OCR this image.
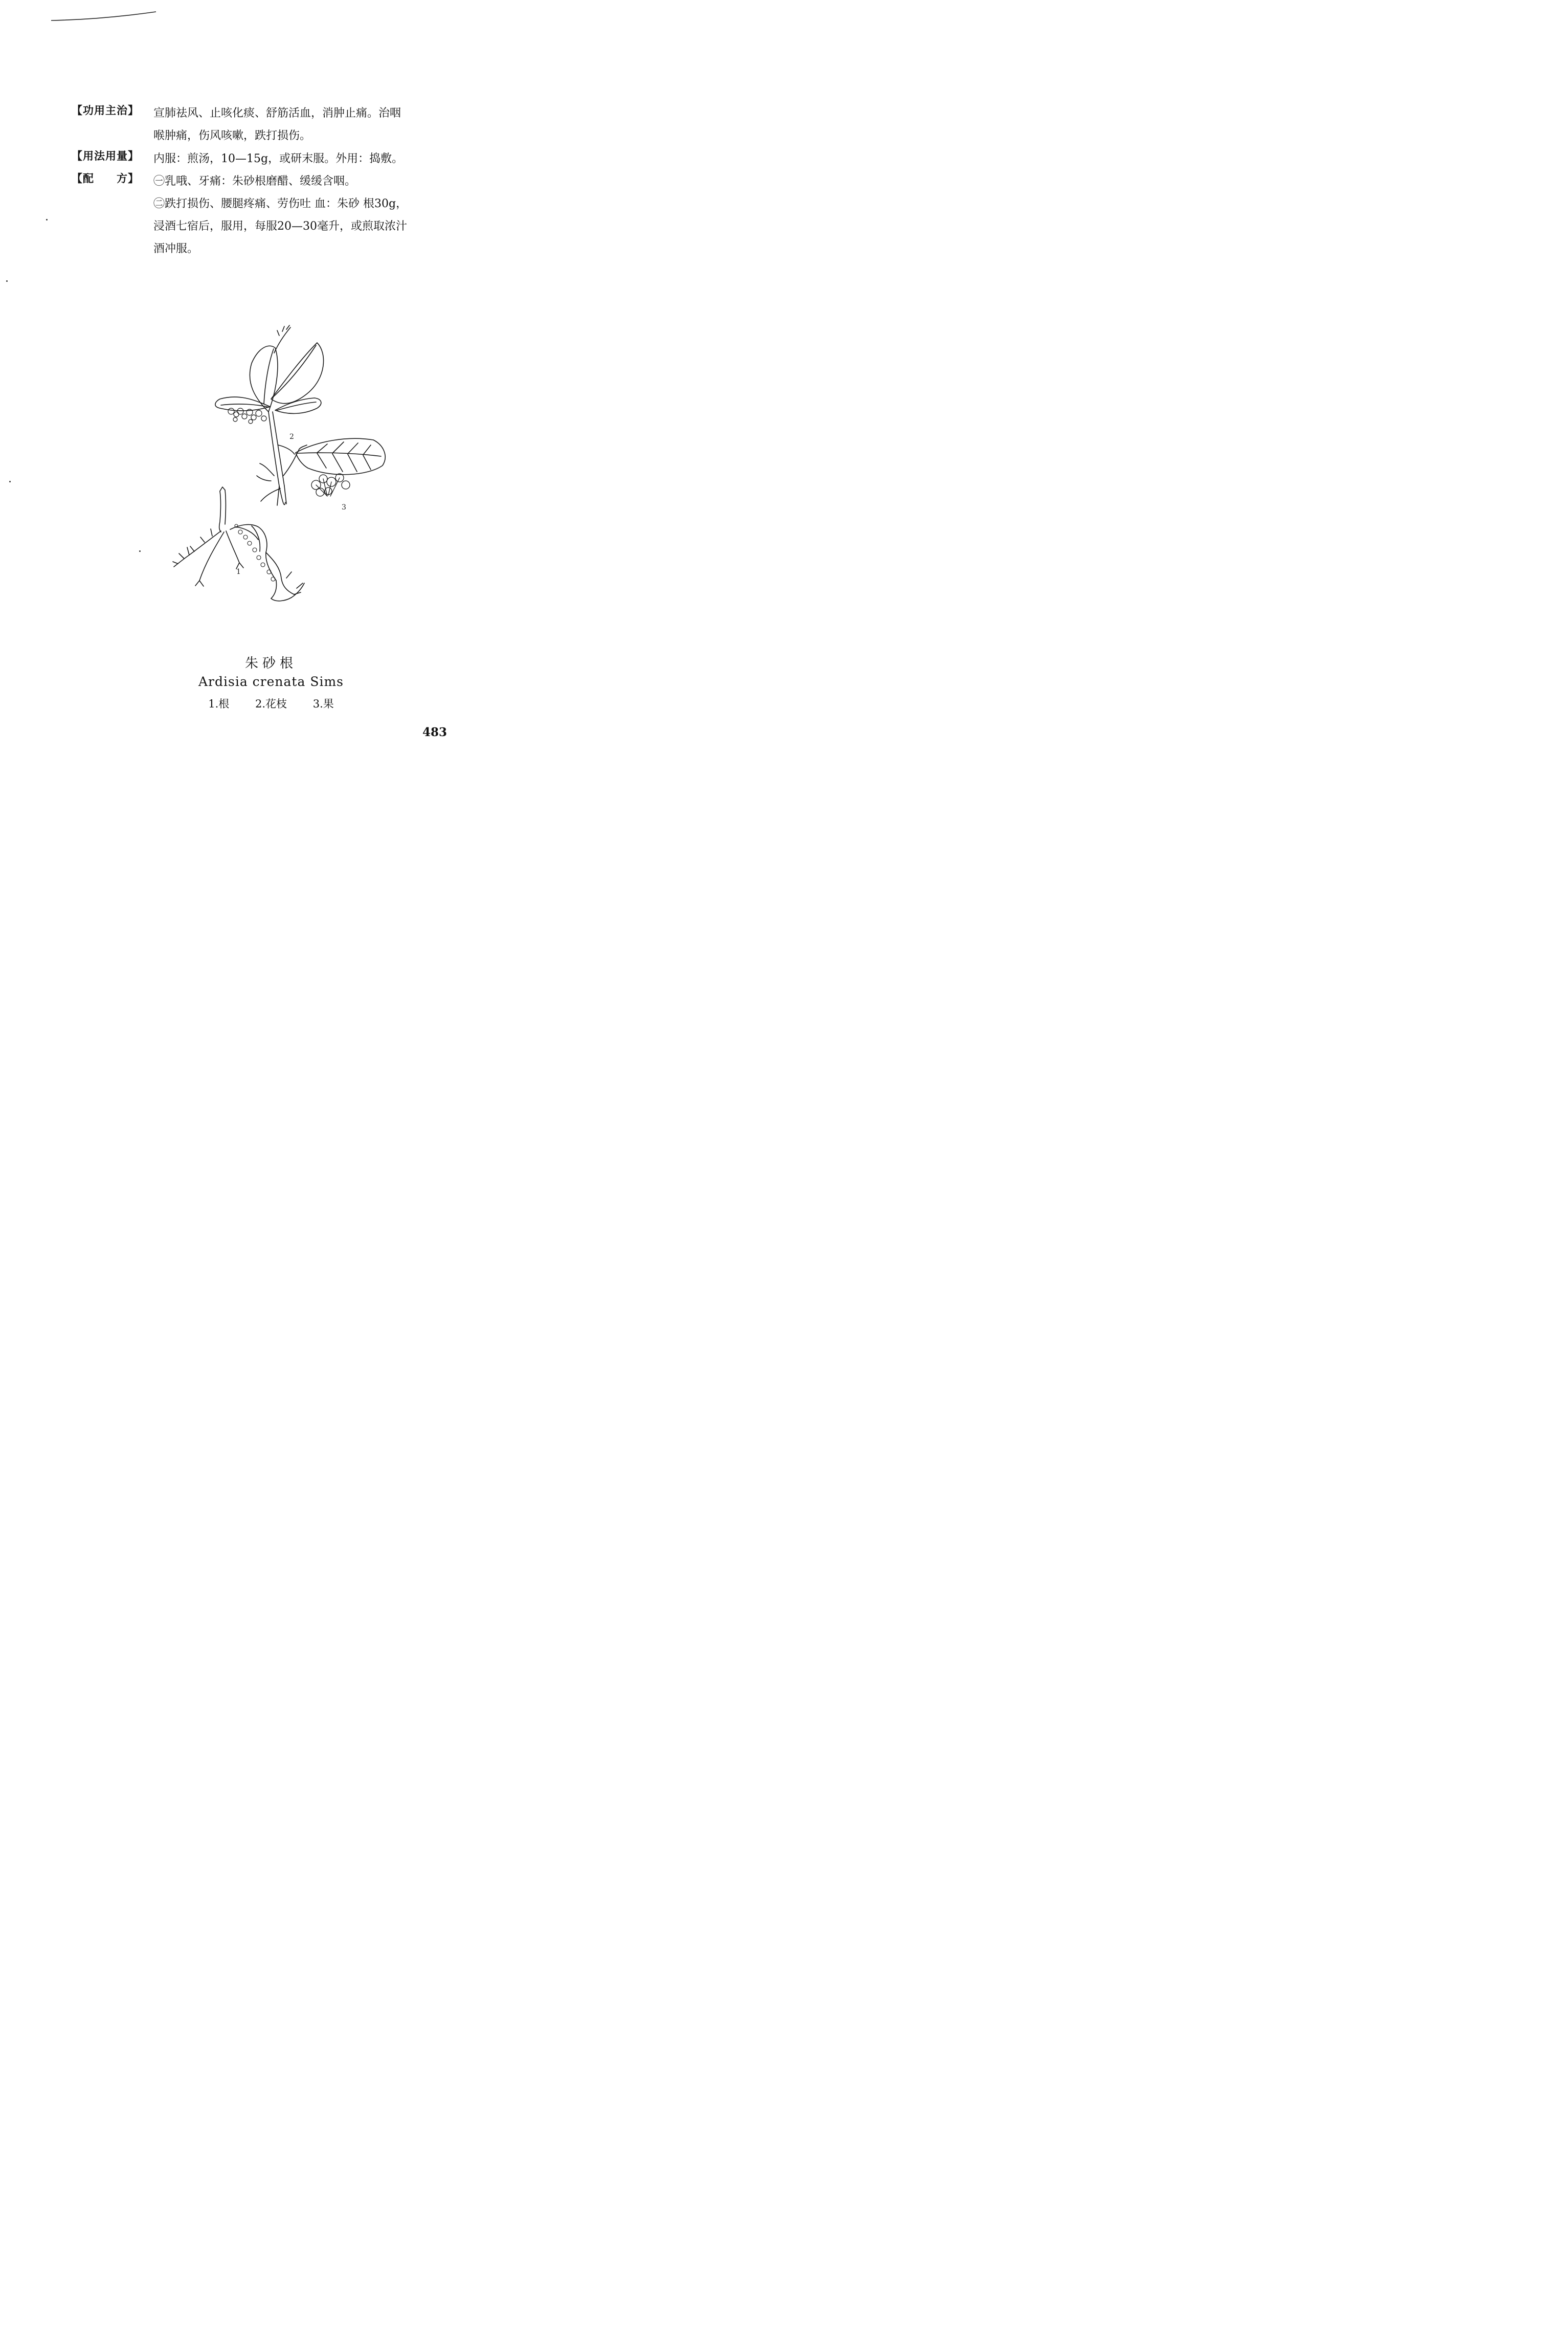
【功用主治】	宣肺祛风、止咳化痰、舒筋活血，消肿止痛。治咽

喉肿痛，伤风咳嗽，跌打损伤。

【用法用量】	内服：煎汤，10—15g，或研末服。外用：捣敷。

【配　　方】	㊀乳哦、牙痛：朱砂根磨醋、缓缓含咽。

㊁跌打损伤、腰腿疼痛、劳伤吐 血：朱砂 根30g，

浸酒七宿后，服用，每服20—30毫升，或煎取浓汁

酒冲服。

2
3
1
朱砂根
Ardisia crenata Sims
1.根 2.花枝 3.果
483
